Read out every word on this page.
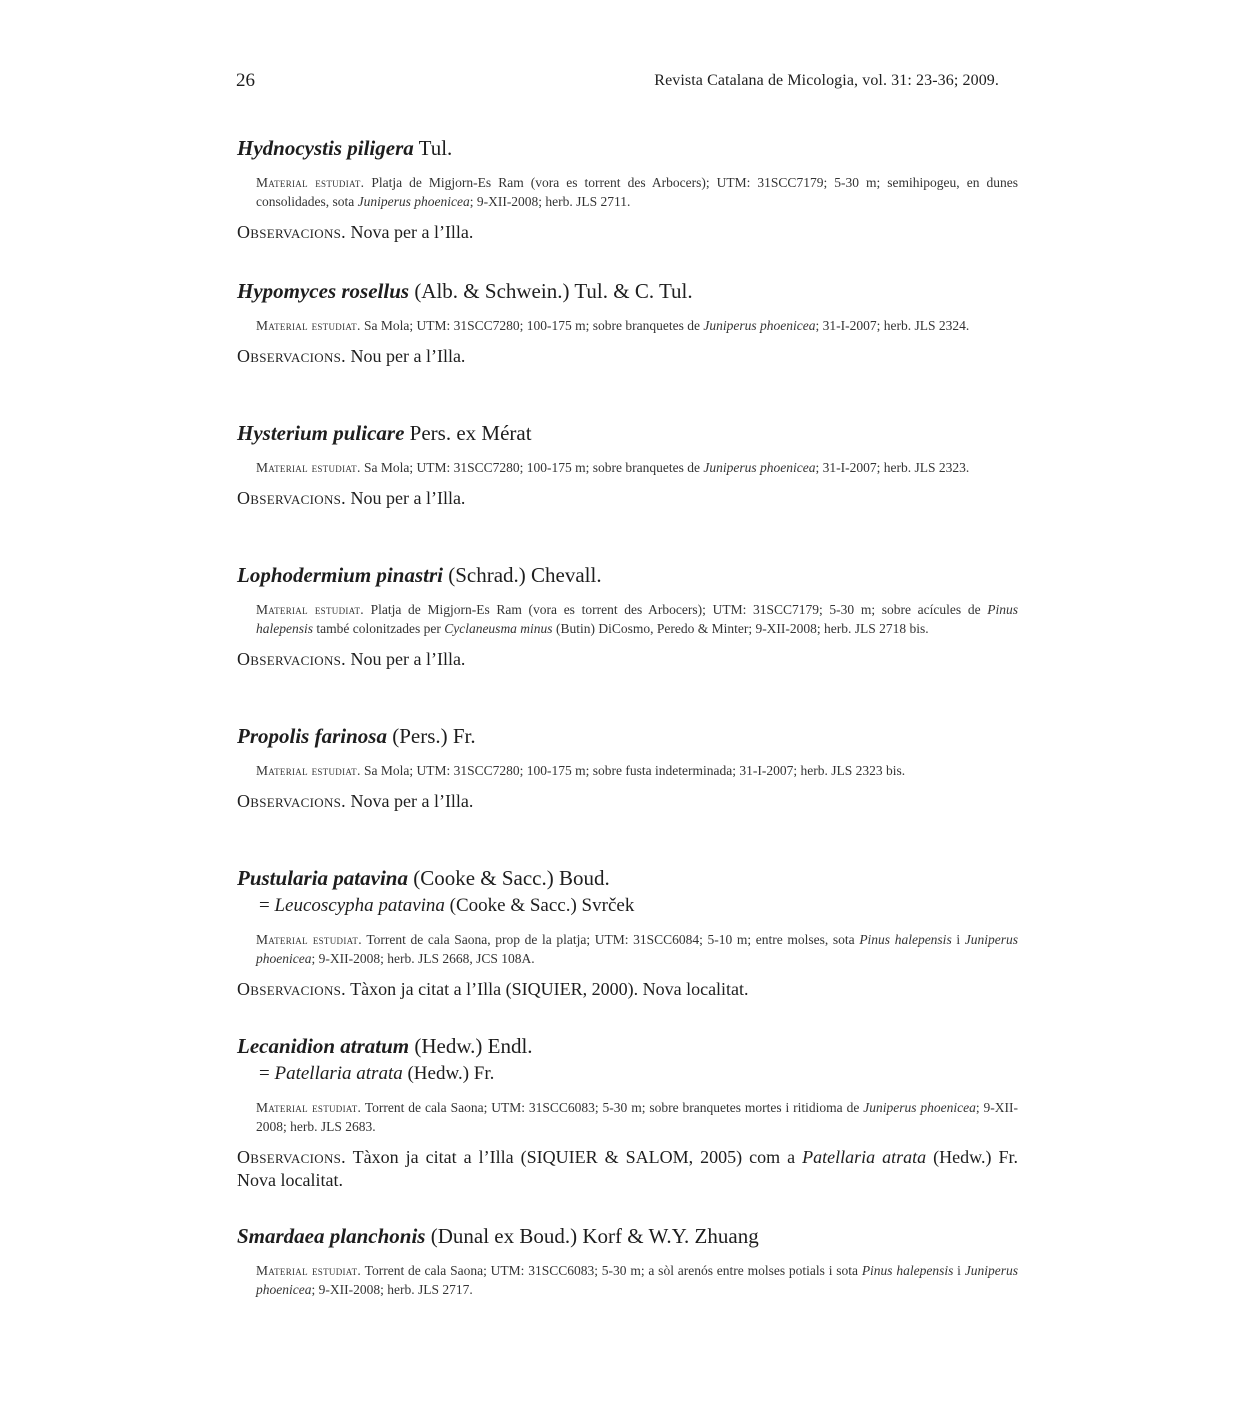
26	Revista Catalana de Micologia, vol. 31: 23-36; 2009.
Hydnocystis piligera Tul.
Material estudiat. Platja de Migjorn-Es Ram (vora es torrent des Arbocers); UTM: 31SCC7179; 5-30 m; semihipogeu, en dunes consolidades, sota Juniperus phoenicea; 9-XII-2008; herb. JLS 2711.
Observacions. Nova per a l’Illa.
Hypomyces rosellus (Alb. & Schwein.) Tul. & C. Tul.
Material estudiat. Sa Mola; UTM: 31SCC7280; 100-175 m; sobre branquetes de Juniperus phoenicea; 31-I-2007; herb. JLS 2324.
Observacions. Nou per a l’Illa.
Hysterium pulicare Pers. ex Mérat
Material estudiat. Sa Mola; UTM: 31SCC7280; 100-175 m; sobre branquetes de Juniperus phoenicea; 31-I-2007; herb. JLS 2323.
Observacions. Nou per a l’Illa.
Lophodermium pinastri (Schrad.) Chevall.
Material estudiat. Platja de Migjorn-Es Ram (vora es torrent des Arbocers); UTM: 31SCC7179; 5-30 m; sobre acícules de Pinus halepensis també colonitzades per Cyclaneusma minus (Butin) DiCosmo, Peredo & Minter; 9-XII-2008; herb. JLS 2718 bis.
Observacions. Nou per a l’Illa.
Propolis farinosa (Pers.) Fr.
Material estudiat. Sa Mola; UTM: 31SCC7280; 100-175 m; sobre fusta indeterminada; 31-I-2007; herb. JLS 2323 bis.
Observacions. Nova per a l’Illa.
Pustularia patavina (Cooke & Sacc.) Boud.
= Leucoscypha patavina (Cooke & Sacc.) Svrček
Material estudiat. Torrent de cala Saona, prop de la platja; UTM: 31SCC6084; 5-10 m; entre molses, sota Pinus halepensis i Juniperus phoenicea; 9-XII-2008; herb. JLS 2668, JCS 108A.
Observacions. Tàxon ja citat a l’Illa (SIQUIER, 2000). Nova localitat.
Lecanidion atratum (Hedw.) Endl.
= Patellaria atrata (Hedw.) Fr.
Material estudiat. Torrent de cala Saona; UTM: 31SCC6083; 5-30 m; sobre branquetes mortes i ritidioma de Juniperus phoenicea; 9-XII-2008; herb. JLS 2683.
Observacions. Tàxon ja citat a l’Illa (SIQUIER & SALOM, 2005) com a Patellaria atrata (Hedw.) Fr. Nova localitat.
Smardaea planchonis (Dunal ex Boud.) Korf & W.Y. Zhuang
Material estudiat. Torrent de cala Saona; UTM: 31SCC6083; 5-30 m; a sòl arenós entre molses potials i sota Pinus halepensis i Juniperus phoenicea; 9-XII-2008; herb. JLS 2717.
